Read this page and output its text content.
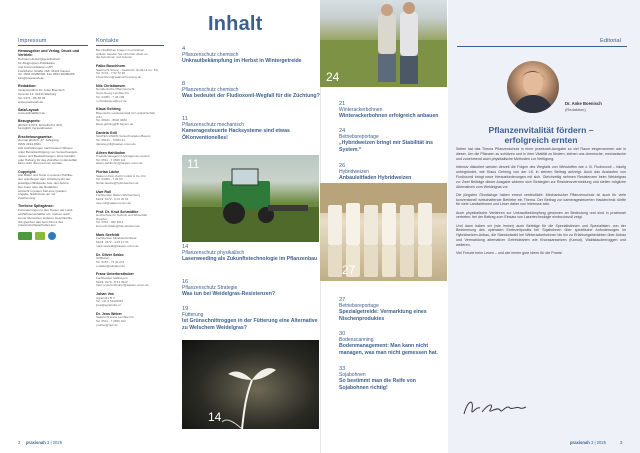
Impressum	Kontakte
Herausgeber und Verlag, Druck und Vertrieb:
Hofmann Zeitungsgesellschaft
für Zielgruppen-Publikation
und Kommunikation mbH
Frankfurter Straße 168, 34121 Kassel
Tel. 0561 60280490, Fax 0561 60280499
info@praxisnah.de
Redaktion:
Verantwortlich: Dr. Anke Boenisch
Groenlo 12, 34414 Warburg
Tel. 0171 - 85 36 04
www.praxisnah.de
Satz/Layout:
www.alphaEffect.de
Bezugspreis:
jährlich 9,60 €, Einzelheft 2,40 €,
bezüglich Versandkosten
Erscheinungsweise:
viermal jährlich. 37. Jahrgang.
ISSN 2194-8321
Alle Ausführungen nach bestem Wissen
unter Berücksichtigung von Versuchsergeb-
nissen und Beobachtungen. Eine Gewähr
oder Haftung für das Zutreffen im Einzelfall
kann nicht übernommen werden.
Copyright:
Alle Bilder und Texte in unserer Publika-
tion unterliegen dem Urheberrecht der
jeweiligen Bildquelle bzw. des Autors.
Der Autor oder die Redaktion
wünscht in jedem Fall eine Quellen-
angabe. Nachdruck nur mit
Zustimmung.
Tierliche Spitzgänse:
Formulierungen in den Texten wie Land-
wirt/Wissenschaftler etc. meinen auch
immer Menschen anderen Geschlechts.
Wir gleichen das beim Druck des
praxisnah-Papierheftes aus.
Bei inhaltlichen Fragen zu einzelnen
Artikeln wenden Sie sich bitte direkt an
die Autorinnen und Autoren.
Falko Buschhorn
Saatzucht Streng - Saatzucht GmbH & Co. KG
Tel. 0172 - 7 52 72 36
f.buschhorn@saatzucht-streng.de
Nils Christiansen
Norddeutsche Pflanzenzucht
Hans-Georg Lembke KG
Tel. 04351 - 7 36 109
n.christiansen@npz.de
Klaus Gehring
Bayerische Landesanstalt für Landwirtschaft
(LfL)
Tel. 08161 - 8640 3683
klaus.gehring@lfl.bayern.de
Daniela Grill
SAATEN-UNION Versuchsstation Bayern
Tel. 08141 - 72933 31
daniela.grill@saaten-union.de
Aileen Hahlbohm
Produktmanagerin Hybridgerste/-weizen
Tel. 0511 - 7 2666 114
aileen.hahlbohm@saaten-union.de
Florian Läcke
Saaten-Union Zucht GmbH & Co. KG
Tel. 04351 - 7 36 63
florian.laecke@hybridweizen.de
Uwe Roll
Fachberater Baden-Württemberg
Mobil: 0172 - 6 02 36 91
uwe.roll@saaten-union.de
Prof. Dr. Knut Schmidtke
Hochschule für Technik und Wirtschaft
Dresden
Tel. 0351 - 462 3011
knut.schmidtke@htw-dresden.de
Mark Seefeldt
Fachberater Mitteldeutschland
Mobil: 0172 - 4 03 17 70
mark.seefeldt@saaten-union.de
Dr. Oliver Sekko
SOBIAlert
Tel. 0157 - 73 40 272
o.sekko@sobialert.de
Franz Unterforsthuber
Fachberater Südbayern
Mobil: 0170 - 8 53 3943
franz.unterforsthuber@saaten-union.de
Johan Vos
Agrarinfra B.V.
Tel. +31 6 51234567
jvos@agrarinfra.nl
Dr. Jens Weber
Saatzucht Hans Lembke KG
Tel. 0511 - 7 2666 102
j.weber@npz.de
2 praxisnah 3 | 2025
Inhalt
4
Pflanzenschutz chemisch
Unkrautbekämpfung im Herbst in Wintergetreide
8
Pflanzenschutz chemisch
Was bedeutet der Fludioxonil-Wegfall für die Züchtung?
11
Pflanzenschutz mechanisch
Kameragesteuerte Hacksysteme sind etwas ÖKonventionelles!
11
14
Pflanzenschutz physikalisch
Laserweeding als Zukunftstechnologie im Pflanzenbau
16
Pflanzenschutz Strategie
Was tun bei Weidelgras-Resistenzen?
19
Fütterung
Ist Grünschnittroggen in der Fütterung eine Alternative zu Welschem Weidelgras?
14
24
21
Winterackerbohnen
Winterackerbohnen erfolgreich anbauen
24
Betriebsreportage
„Hybridweizen bringt mir Stabilität ins System.“
26
Hybridweizen
Anbauleitfaden Hybridweizen
27
27
Betriebsreportage
Spezialgetreide: Vermarktung eines Nischenproduktes
30
Bodenscanning
Bodenmanagement: Man kann nicht managen, was man nicht gemessen hat.
33
Sojabohnen
So bestimmt man die Reife von Sojabohnen richtig!
Editorial
Dr. Anke Boenisch
(Redaktion)
Pflanzenvitalität fördern –
erfolgreich ernten

Selten hat das Thema Pflanzenschutz in einer praxisnah-Ausgabe so viel Raum eingenommen wie in dieser. Um die Pflanzen zu schützen und in ihrer Vitalität zu fördern, stehen uns chemische, mechanische und zunehmend auch physikalische Methoden zur Verfügung.

Intensiv diskutiert werden derzeit die Folgen des Wegfalls von Wirkstoffen wie z. B. Fludioxonil – häufig unbegründet, wie Klaus Gehring von der LfL in seinem Beitrag aufzeigt. Auch das Auslaufen von Fludioxonil bringt neue Herausforderungen mit sich. Gleichzeitig nehmen Resistenzen beim Weidelgras zu: Zwei Beiträge dieser Ausgabe widmen sich Strategien zur Resistenzvermeidung und stellen mögliche Alternativen zum Weidelgras vor.

Die jüngsten Ökodialoge haben erneut verdeutlicht: Mechanischer Pflanzenschutz ist auch für viele konventionell wirtschaftende Betriebe ein Thema. Der Beitrag zur kameragesteuerten Hacktechnik dürfte für viele Landwirtinnen und Leser daher von Interesse sein.

Auch physikalische Verfahren zur Unkrautbekämpfung gewinnen an Bedeutung und sind in praxisnah vertreten; bei der Beitrag zum Einsatz von Lasertechnologie eindrucksvoll zeigt.

Und dann haben wir (wie immer) auch Beiträge für die Spezialistinnen und Spezialisten: von der Bestimmung des optimalen Erntezeitpunkts bei Sojabohnen über spezifische Anforderungen im Hybridweizen-Anbau, die Standortwahl bei Winterackerbohnen bis hin zu Erfahrungsberichten über Anbau und Vermarktung alternativer Getreidearten wie Khorasanweizen (Kamut), Waldstaudenroggen und weiteren.

Viel Freude beim Lesen – und wie immer gute Ideen für die Praxis!

praxisnah 3 | 2025	3
